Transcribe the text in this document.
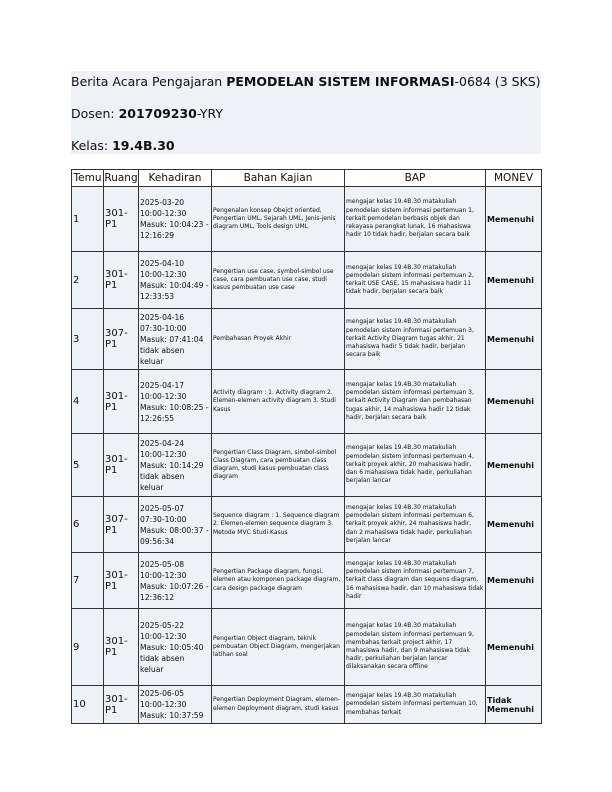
Berita Acara Pengajaran PEMODELAN SISTEM INFORMASI-0684 (3 SKS)
Dosen: 201709230-YRY
Kelas: 19.4B.30
Temu	Ruang	Kehadiran	Bahan Kajian	BAP	MONEV
1	301-P1	2025-03-20 10:00-12:30 Masuk: 10:04:23 - 12:16:29	Pengenalan konsep Obejct oriented, Pengertian UML, Sejarah UML, Jenis-jenis diagram UML, Tools design UML	mengajar kelas 19.4B.30 matakuliah pemodelan sistem informasi pertemuan 1, terkait pemodelan berbasis objek dan rekayasa perangkat lunak, 16 mahasiswa hadir 10 tidak hadir, berjalan secara baik	Memenuhi
2	301-P1	2025-04-10 10:00-12:30 Masuk: 10:04:49 - 12:33:53	Pengertian use case, symbol-simbol use case, cara pembuatan use case, studi kasus pembuatan use case	mengajar kelas 19.4B.30 matakuliah pemodelan sistem informasi pertemuan 2, terkait USE CASE, 15 mahasiswa hadir 11 tidak hadir, berjalan secara baik	Memenuhi
3	307-P1	2025-04-16 07:30-10:00 Masuk: 07:41:04 tidak absen keluar	Pembahasan Proyek Akhir	mengajar kelas 19.4B.30 matakuliah pemodelan sistem informasi pertemuan 3, terkait Activity Diagram tugas akhir, 21 mahasiswa hadir 5 tidak hadir, berjalan secara baik	Memenuhi
4	301-P1	2025-04-17 10:00-12:30 Masuk: 10:08:25 - 12:26:55	Activity diagram : 1. Activity diagram 2. Elemen-elemen activity diagram 3. Studi Kasus	mengajar kelas 19.4B.30 matakuliah pemodelan sistem informasi pertemuan 3, terkait Activity Diagram dan pembahasan tugas akhir, 14 mahasiswa hadir 12 tidak hadir, berjalan secara baik	Memenuhi
5	301-P1	2025-04-24 10:00-12:30 Masuk: 10:14:29 tidak absen keluar	Pengertian Class Diagram, simbol-simbol Class Diagram, cara pembuatan class diagram, studi kasus pembuatan class diagram	mengajar kelas 19.4B.30 matakuliah pemodelan sistem informasi pertemuan 4, terkait proyek akhir, 20 mahasiswa hadir, dan 6 mahasiswa tidak hadir, perkuliahan berjalan lancar	Memenuhi
6	307-P1	2025-05-07 07:30-10:00 Masuk: 08:00:37 - 09:56:34	Sequence diagram : 1. Sequence diagram 2. Elemen-elemen sequence diagram 3. Metode MVC Studi Kasus	mengajar kelas 19.4B.30 matakuliah pemodelan sistem informasi pertemuan 6, terkait proyek akhir, 24 mahasiswa hadir, dan 2 mahasiswa tidak hadir, perkuliahan berjalan lancar	Memenuhi
7	301-P1	2025-05-08 10:00-12:30 Masuk: 10:07:26 - 12:36:12	Pengertian Package diagram, fungsi, elemen atau komponen package diagram, cara design package diagram	mengajar kelas 19.4B.30 matakuliah pemodelan sistem informasi pertemuan 7, terkait class diagram dan sequens diagram, 16 mahasiswa hadir, dan 10 mahasiswa tidak hadir	Memenuhi
9	301-P1	2025-05-22 10:00-12:30 Masuk: 10:05:40 tidak absen keluar	Pengertian Object diagram, teknik pembuatan Object Diagram, mengerjakan latihan soal	mengajar kelas 19.4B.30 matakuliah pemodelan sistem informasi pertemuan 9, membahas terkait project akhir, 17 mahasiswa hadir, dan 9 mahasiswa tidak hadir, perkuliahan berjalan lancar dilaksanakan secara offline	Memenuhi
10	301-P1	2025-06-05 10:00-12:30 Masuk: 10:37:59	Pengertian Deployment Diagram, elemen-elemen Deployment diagram, studi kasus	mengajar kelas 19.4B.30 matakuliah pemodelan sistem informasi pertemuan 10, membahas terkait	Tidak Memenuhi
